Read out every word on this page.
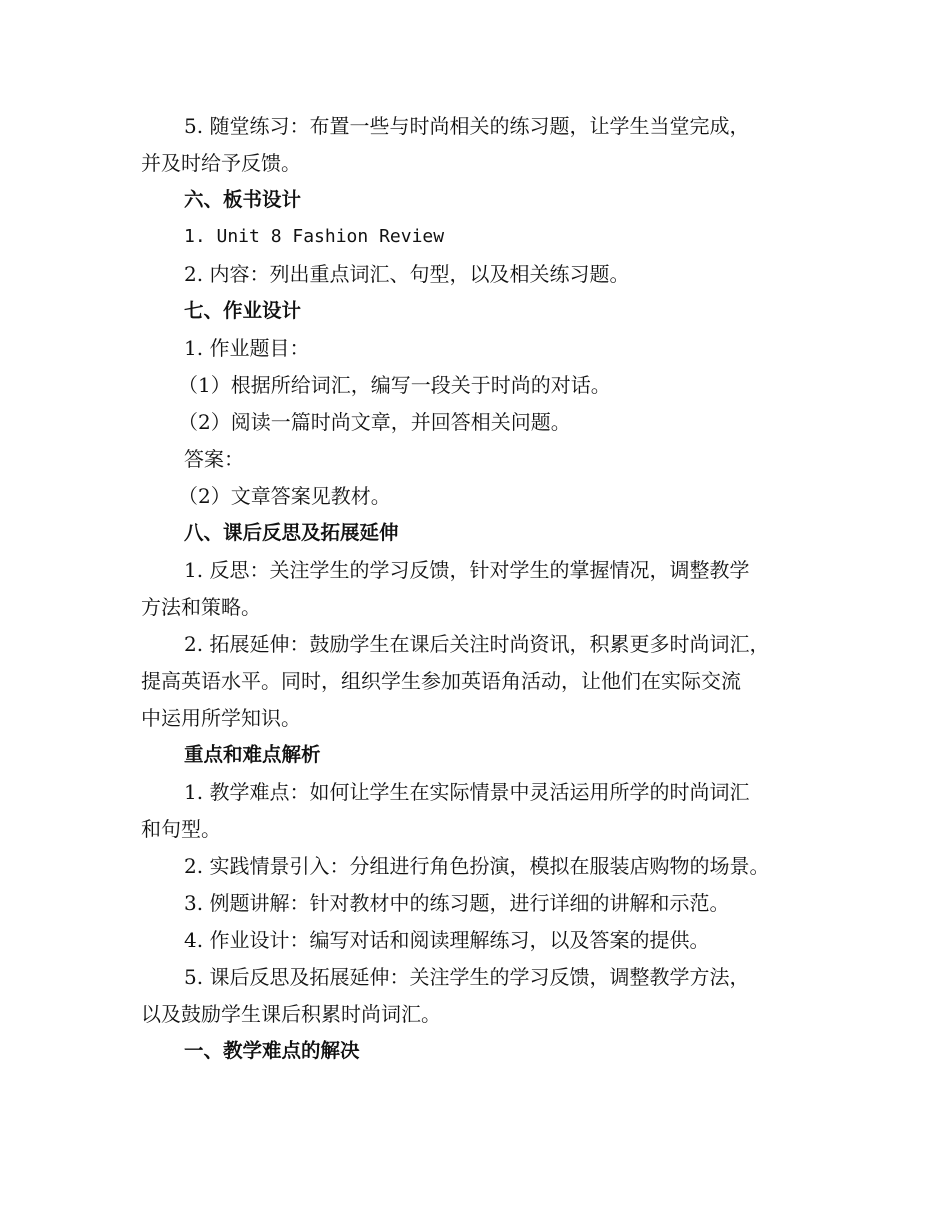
5. 随堂练习：布置一些与时尚相关的练习题，让学生当堂完成，
并及时给予反馈。
六、板书设计
1. Unit 8 Fashion Review
2. 内容：列出重点词汇、句型，以及相关练习题。
七、作业设计
1. 作业题目：
（1）根据所给词汇，编写一段关于时尚的对话。
（2）阅读一篇时尚文章，并回答相关问题。
答案：
（2）文章答案见教材。
八、课后反思及拓展延伸
1. 反思：关注学生的学习反馈，针对学生的掌握情况，调整教学
方法和策略。
2. 拓展延伸：鼓励学生在课后关注时尚资讯，积累更多时尚词汇，
提高英语水平。同时，组织学生参加英语角活动，让他们在实际交流
中运用所学知识。
重点和难点解析
1. 教学难点：如何让学生在实际情景中灵活运用所学的时尚词汇
和句型。
2. 实践情景引入：分组进行角色扮演，模拟在服装店购物的场景。
3. 例题讲解：针对教材中的练习题，进行详细的讲解和示范。
4. 作业设计：编写对话和阅读理解练习，以及答案的提供。
5. 课后反思及拓展延伸：关注学生的学习反馈，调整教学方法，
以及鼓励学生课后积累时尚词汇。
一、教学难点的解决
